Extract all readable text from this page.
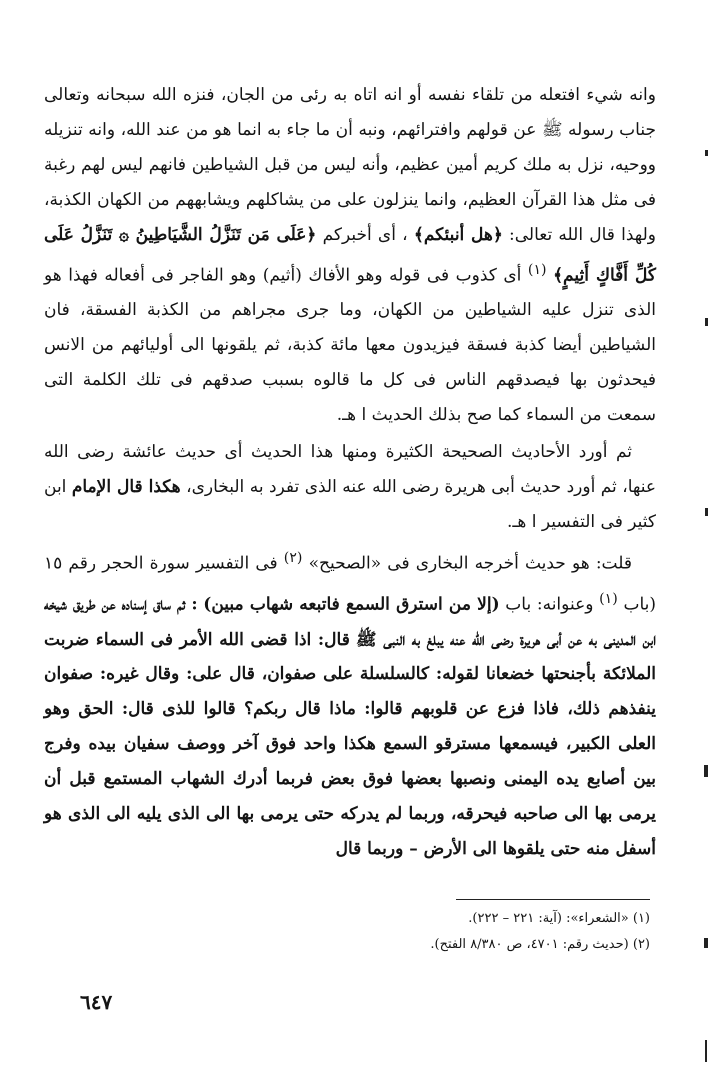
وانه شيء افتعله من تلقاء نفسه أو انه اتاه به رئى من الجان، فنزه الله سبحانه وتعالى جناب رسوله ﷺ عن قولهم وافترائهم، ونبه أن ما جاء به انما هو من عند الله، وانه تنزيله ووحيه، نزل به ملك كريم أمين عظيم، وأنه ليس من قبل الشياطين فانهم ليس لهم رغبة فى مثل هذا القرآن العظيم، وانما ينزلون على من يشاكلهم ويشابههم من الكهان الكذبة، ولهذا قال الله تعالى: ﴿هل أنبئكم﴾ ، أى أخبركم ﴿عَلَى مَن تَنَزَّلُ الشَّيَاطِينُ ۞ تَنَزَّلُ عَلَى كُلِّ أَفَّاكٍ أَثِيمٍ﴾ $^{(١)}$ أى كذوب فى قوله وهو الأفاك (أثيم) وهو الفاجر فى أفعاله فهذا هو الذى تنزل عليه الشياطين من الكهان، وما جرى مجراهم من الكذبة الفسقة، فان الشياطين أيضا كذبة فسقة فيزيدون معها مائة كذبة، ثم يلقونها الى أوليائهم من الانس فيحدثون بها فيصدقهم الناس فى كل ما قالوه بسبب صدقهم فى تلك الكلمة التى سمعت من السماء كما صح بذلك الحديث ا هـ.

ثم أورد الأحاديث الصحيحة الكثيرة ومنها هذا الحديث أى حديث عائشة رضى الله عنها، ثم أورد حديث أبى هريرة رضى الله عنه الذى تفرد به البخارى، هكذا قال الإمام ابن كثير فى التفسير ا هـ.

قلت: هو حديث أخرجه البخارى فى «الصحيح» $^{(٢)}$ فى التفسير سورة الحجر رقم ١٥ (باب $^{(١)}$ وعنوانه: باب (إلا من استرق السمع فاتبعه شهاب مبين) : ثم ساق إسناده عن طريق شيخه ابن المدينى به عن أبى هريرة رضى الله عنه يبلغ به النبى ﷺ قال: اذا قضى الله الأمر فى السماء ضربت الملائكة بأجنحتها خضعانا لقوله: كالسلسلة على صفوان، قال على: وقال غيره: صفوان ينفذهم ذلك، فاذا فزع عن قلوبهم قالوا: ماذا قال ربكم؟ قالوا للذى قال: الحق وهو العلى الكبير، فيسمعها مسترقو السمع هكذا واحد فوق آخر ووصف سفيان بيده وفرج بين أصابع يده اليمنى ونصبها بعضها فوق بعض فربما أدرك الشهاب المستمع قبل أن يرمى بها الى صاحبه فيحرقه، وربما لم يدركه حتى يرمى بها الى الذى يليه الى الذى هو أسفل منه حتى يلقوها الى الأرض – وربما قال

(١) «الشعراء»: (آية: ٢٢١ – ٢٢٢).

(٢) (حديث رقم: ٤٧٠١، ص ٨/٣٨٠ الفتح).

٦٤٧
